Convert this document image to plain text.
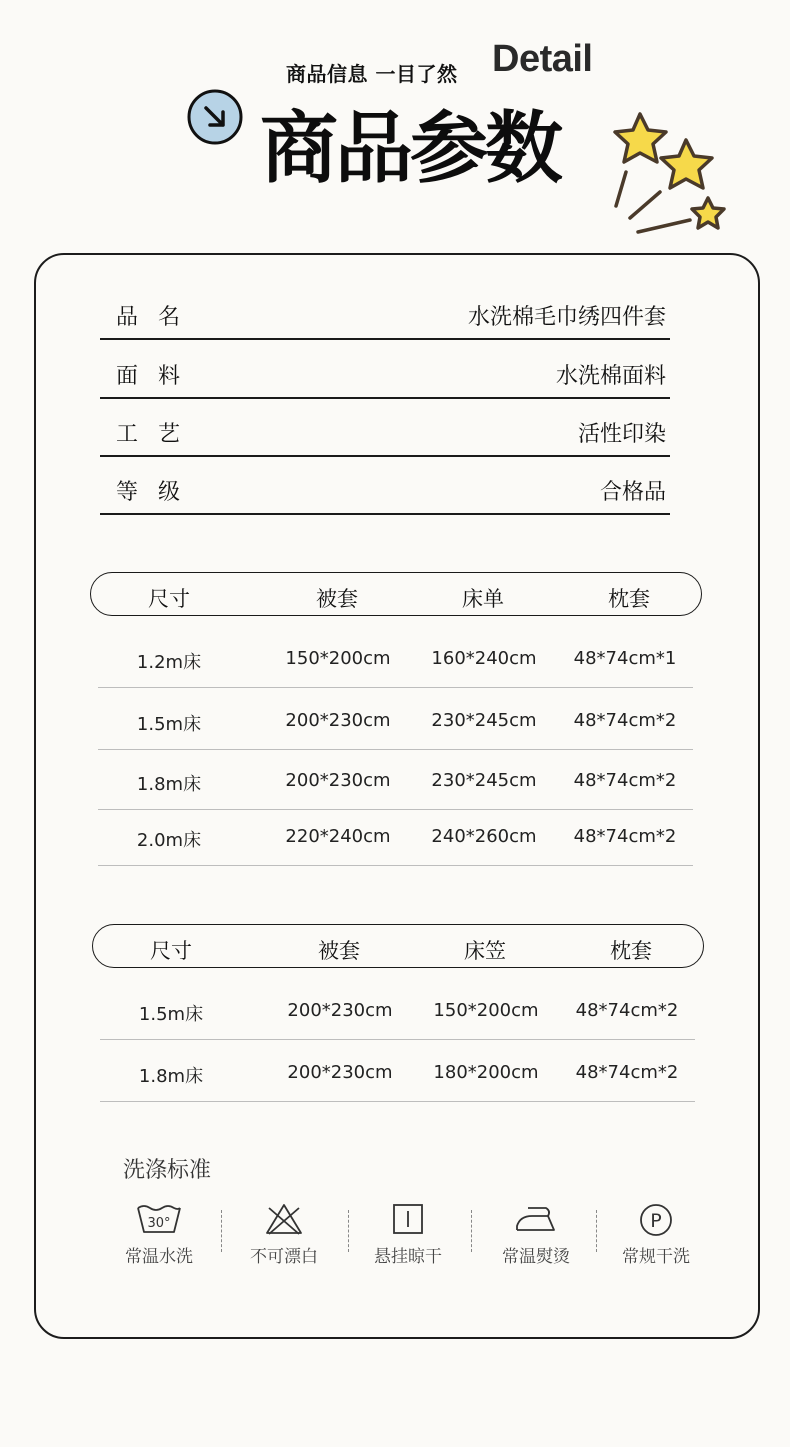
商品信息 一目了然 Detail
商品参数
品名	水洗棉毛巾绣四件套
面料	水洗棉面料
工艺	活性印染
等级	合格品
尺寸	被套	床单	枕套
1.2m床	150*200cm 160*240cm 48*74cm*1
1.5m床	200*230cm 230*245cm 48*74cm*2
1.8m床	200*230cm 230*245cm 48*74cm*2
2.0m床	220*240cm 240*260cm 48*74cm*2
尺寸	被套	床笠	枕套
1.5m床	200*230cm 150*200cm 48*74cm*2
1.8m床	200*230cm 180*200cm 48*74cm*2
洗涤标准
30°
常温水洗	不可漂白	悬挂晾干	常温熨烫
P
常规干洗
